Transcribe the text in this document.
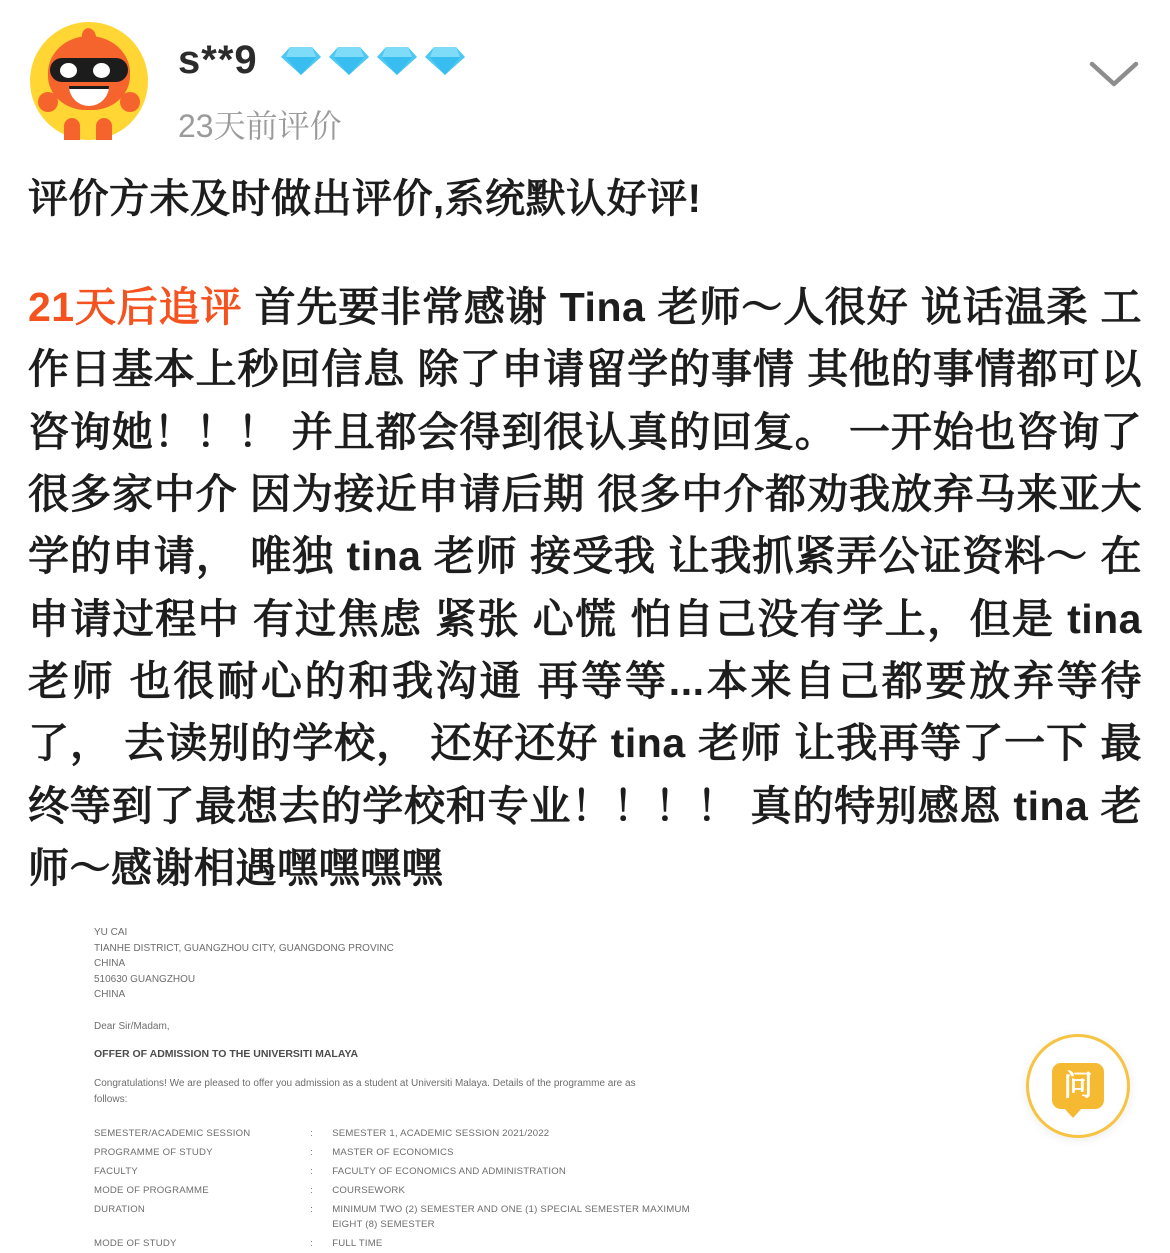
s**9
23天前评价
评价方未及时做出评价,系统默认好评!
21天后追评 首先要非常感谢 Tina 老师～人很好 说话温柔 工作日基本上秒回信息 除了申请留学的事情 其他的事情都可以咨询她！！！ 并且都会得到很认真的回复。 一开始也咨询了很多家中介 因为接近申请后期 很多中介都劝我放弃马来亚大学的申请， 唯独 tina 老师 接受我 让我抓紧弄公证资料～ 在申请过程中 有过焦虑 紧张 心慌 怕自己没有学上，但是 tina 老师 也很耐心的和我沟通 再等等...本来自己都要放弃等待了， 去读别的学校， 还好还好 tina 老师 让我再等了一下 最终等到了最想去的学校和专业！！！！ 真的特别感恩 tina 老师～感谢相遇嘿嘿嘿嘿
YU CAI
TIANHE DISTRICT, GUANGZHOU CITY, GUANGDONG PROVINC
CHINA
510630 GUANGZHOU
CHINA
Dear Sir/Madam,
OFFER OF ADMISSION TO THE UNIVERSITI MALAYA
Congratulations! We are pleased to offer you admission as a student at Universiti Malaya. Details of the programme are as follows:
SEMESTER/ACADEMIC SESSION	:	SEMESTER 1, ACADEMIC SESSION 2021/2022
PROGRAMME OF STUDY	:	MASTER OF ECONOMICS
FACULTY	:	FACULTY OF ECONOMICS AND ADMINISTRATION
MODE OF PROGRAMME	:	COURSEWORK
DURATION	:	MINIMUM TWO (2) SEMESTER AND ONE (1) SPECIAL SEMESTER MAXIMUM EIGHT (8) SEMESTER
MODE OF STUDY	:	FULL TIME
问
